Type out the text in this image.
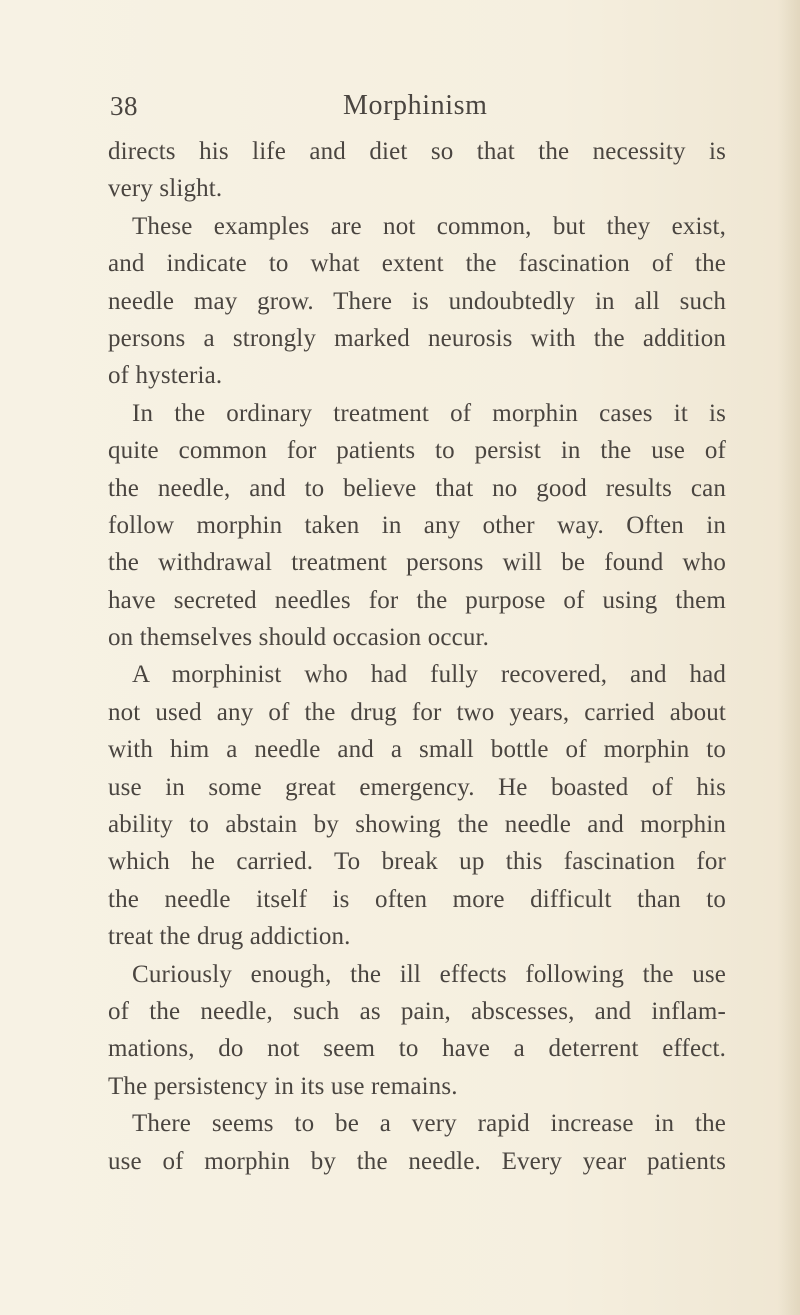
38	Morphinism
directs his life and diet so that the necessity is
very slight.
These examples are not common, but they exist,
and indicate to what extent the fascination of the
needle may grow. There is undoubtedly in all such
persons a strongly marked neurosis with the addition
of hysteria.
In the ordinary treatment of morphin cases it is
quite common for patients to persist in the use of
the needle, and to believe that no good results can
follow morphin taken in any other way. Often in
the withdrawal treatment persons will be found who
have secreted needles for the purpose of using them
on themselves should occasion occur.
A morphinist who had fully recovered, and had
not used any of the drug for two years, carried about
with him a needle and a small bottle of morphin to
use in some great emergency. He boasted of his
ability to abstain by showing the needle and morphin
which he carried. To break up this fascination for
the needle itself is often more difficult than to
treat the drug addiction.
Curiously enough, the ill effects following the use
of the needle, such as pain, abscesses, and inflam-
mations, do not seem to have a deterrent effect.
The persistency in its use remains.
There seems to be a very rapid increase in the
use of morphin by the needle. Every year patients
